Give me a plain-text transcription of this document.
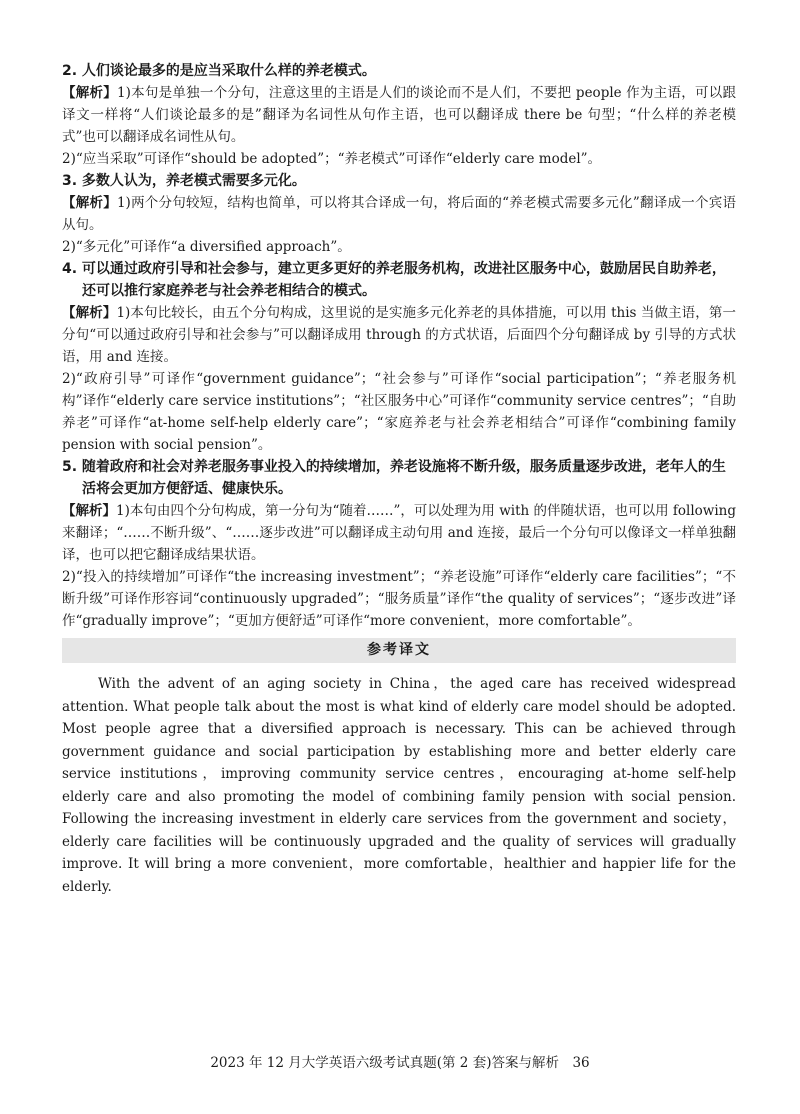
2. 人们谈论最多的是应当采取什么样的养老模式。

【解析】1)本句是单独一个分句，注意这里的主语是人们的谈论而不是人们，不要把 people 作为主语，可以跟译文一样将“人们谈论最多的是”翻译为名词性从句作主语，也可以翻译成 there be 句型；“什么样的养老模式”也可以翻译成名词性从句。

2)“应当采取”可译作“should be adopted”；“养老模式”可译作“elderly care model”。

3. 多数人认为，养老模式需要多元化。

【解析】1)两个分句较短，结构也简单，可以将其合译成一句，将后面的“养老模式需要多元化”翻译成一个宾语从句。

2)“多元化”可译作“a diversified approach”。

4. 可以通过政府引导和社会参与，建立更多更好的养老服务机构，改进社区服务中心，鼓励居民自助养老，还可以推行家庭养老与社会养老相结合的模式。

【解析】1)本句比较长，由五个分句构成，这里说的是实施多元化养老的具体措施，可以用 this 当做主语，第一分句“可以通过政府引导和社会参与”可以翻译成用 through 的方式状语，后面四个分句翻译成 by 引导的方式状语，用 and 连接。

2)“政府引导”可译作“government guidance”；“社会参与”可译作“social participation”；“养老服务机构”译作“elderly care service institutions”；“社区服务中心”可译作“community service centres”；“自助养老”可译作“at-home self-help elderly care”；“家庭养老与社会养老相结合”可译作“combining family pension with social pension”。

5. 随着政府和社会对养老服务事业投入的持续增加，养老设施将不断升级，服务质量逐步改进，老年人的生活将会更加方便舒适、健康快乐。

【解析】1)本句由四个分句构成，第一分句为“随着……”，可以处理为用 with 的伴随状语，也可以用 following 来翻译；“……不断升级”、“……逐步改进”可以翻译成主动句用 and 连接，最后一个分句可以像译文一样单独翻译，也可以把它翻译成结果状语。

2)“投入的持续增加”可译作“the increasing investment”；“养老设施”可译作“elderly care facilities”；“不断升级”可译作形容词“continuously upgraded”；“服务质量”译作“the quality of services”；“逐步改进”译作“gradually improve”；“更加方便舒适”可译作“more convenient，more comfortable”。

参考译文

With the advent of an aging society in China，the aged care has received widespread attention. What people talk about the most is what kind of elderly care model should be adopted. Most people agree that a diversified approach is necessary. This can be achieved through government guidance and social participation by establishing more and better elderly care service institutions，improving community service centres，encouraging at-home self-help elderly care and also promoting the model of combining family pension with social pension. Following the increasing investment in elderly care services from the government and society，elderly care facilities will be continuously upgraded and the quality of services will gradually improve. It will bring a more convenient，more comfortable，healthier and happier life for the elderly.

2023 年 12 月大学英语六级考试真题(第 2 套)答案与解析　36
